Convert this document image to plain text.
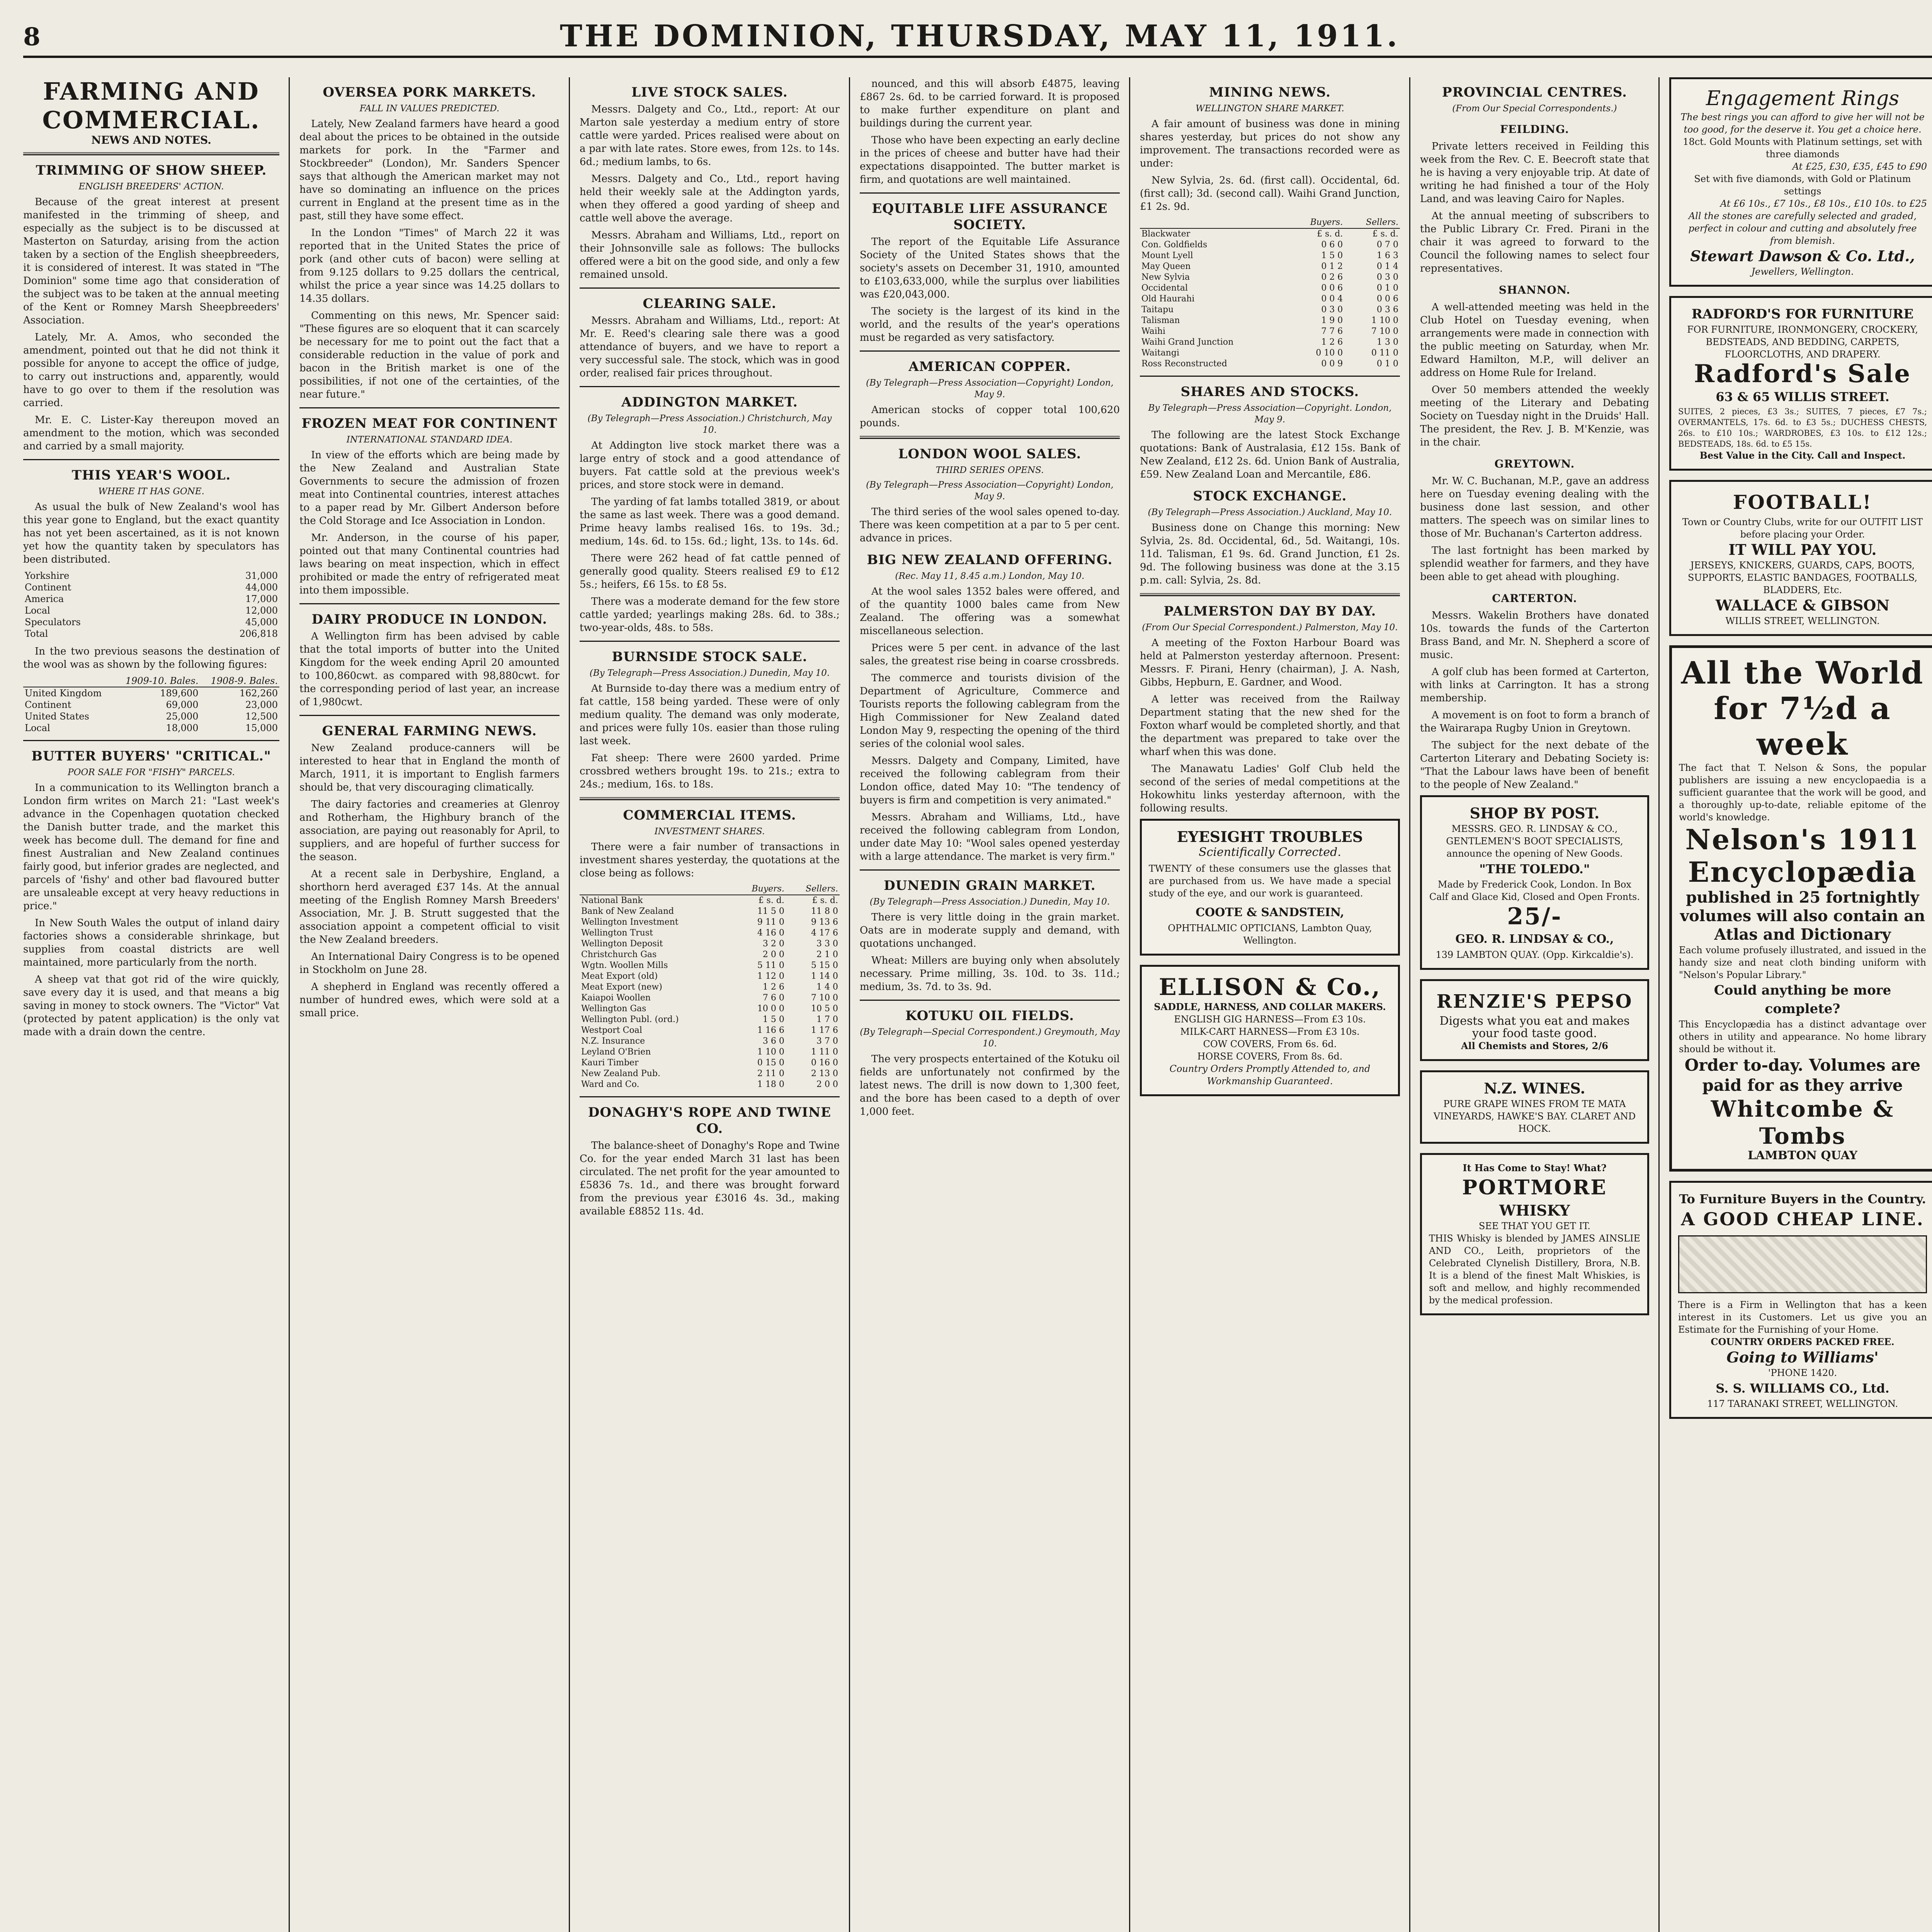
8	THE DOMINION, THURSDAY, MAY 11, 1911.
FARMING AND COMMERCIAL.
NEWS AND NOTES.
TRIMMING OF SHOW SHEEP.
ENGLISH BREEDERS' ACTION.

Because of the great interest at present manifested in the trimming of sheep, and especially as the subject is to be discussed at Masterton on Saturday, arising from the action taken by a section of the English sheepbreeders, it is considered of interest. It was stated in "The Dominion" some time ago that consideration of the subject was to be taken at the annual meeting of the Kent or Romney Marsh Sheepbreeders' Association.

Lately, Mr. A. Amos, who seconded the amendment, pointed out that he did not think it possible for anyone to accept the office of judge, to carry out instructions and, apparently, would have to go over to them if the resolution was carried.

Mr. E. C. Lister-Kay thereupon moved an amendment to the motion, which was seconded and carried by a small majority.

THIS YEAR'S WOOL.
WHERE IT HAS GONE.

As usual the bulk of New Zealand's wool has this year gone to England, but the exact quantity has not yet been ascertained, as it is not known yet how the quantity taken by speculators has been distributed.

Yorkshire	31,000
Continent	44,000
America	17,000
Local	12,000
Speculators	45,000
Total	206,818

In the two previous seasons the destination of the wool was as shown by the following figures:

	1909-10. Bales.	1908-9. Bales.
United Kingdom	189,600	162,260
Continent	69,000	23,000
United States	25,000	12,500
Local	18,000	15,000
BUTTER BUYERS' "CRITICAL."
POOR SALE FOR "FISHY" PARCELS.

In a communication to its Wellington branch a London firm writes on March 21: "Last week's advance in the Copenhagen quotation checked the Danish butter trade, and the market this week has become dull. The demand for fine and finest Australian and New Zealand continues fairly good, but inferior grades are neglected, and parcels of 'fishy' and other bad flavoured butter are unsaleable except at very heavy reductions in price."

In New South Wales the output of inland dairy factories shows a considerable shrinkage, but supplies from coastal districts are well maintained, more particularly from the north.

A sheep vat that got rid of the wire quickly, save every day it is used, and that means a big saving in money to stock owners. The "Victor" Vat (protected by patent application) is the only vat made with a drain down the centre.

OVERSEA PORK MARKETS.
FALL IN VALUES PREDICTED.

Lately, New Zealand farmers have heard a good deal about the prices to be obtained in the outside markets for pork. In the "Farmer and Stockbreeder" (London), Mr. Sanders Spencer says that although the American market may not have so dominating an influence on the prices current in England at the present time as in the past, still they have some effect.

In the London "Times" of March 22 it was reported that in the United States the price of pork (and other cuts of bacon) were selling at from 9.125 dollars to 9.25 dollars the centrical, whilst the price a year since was 14.25 dollars to 14.35 dollars.

Commenting on this news, Mr. Spencer said: "These figures are so eloquent that it can scarcely be necessary for me to point out the fact that a considerable reduction in the value of pork and bacon in the British market is one of the possibilities, if not one of the certainties, of the near future."

FROZEN MEAT FOR CONTINENT
INTERNATIONAL STANDARD IDEA.

In view of the efforts which are being made by the New Zealand and Australian State Governments to secure the admission of frozen meat into Continental countries, interest attaches to a paper read by Mr. Gilbert Anderson before the Cold Storage and Ice Association in London.

Mr. Anderson, in the course of his paper, pointed out that many Continental countries had laws bearing on meat inspection, which in effect prohibited or made the entry of refrigerated meat into them impossible.

DAIRY PRODUCE IN LONDON.

A Wellington firm has been advised by cable that the total imports of butter into the United Kingdom for the week ending April 20 amounted to 100,860cwt. as compared with 98,880cwt. for the corresponding period of last year, an increase of 1,980cwt.

GENERAL FARMING NEWS.

New Zealand produce-canners will be interested to hear that in England the month of March, 1911, it is important to English farmers should be, that very discouraging climatically.

The dairy factories and creameries at Glenroy and Rotherham, the Highbury branch of the association, are paying out reasonably for April, to suppliers, and are hopeful of further success for the season.

At a recent sale in Derbyshire, England, a shorthorn herd averaged £37 14s. At the annual meeting of the English Romney Marsh Breeders' Association, Mr. J. B. Strutt suggested that the association appoint a competent official to visit the New Zealand breeders.

An International Dairy Congress is to be opened in Stockholm on June 28.

A shepherd in England was recently offered a number of hundred ewes, which were sold at a small price.

LIVE STOCK SALES.

Messrs. Dalgety and Co., Ltd., report: At our Marton sale yesterday a medium entry of store cattle were yarded. Prices realised were about on a par with late rates. Store ewes, from 12s. to 14s. 6d.; medium lambs, to 6s.

Messrs. Dalgety and Co., Ltd., report having held their weekly sale at the Addington yards, when they offered a good yarding of sheep and cattle well above the average.

Messrs. Abraham and Williams, Ltd., report on their Johnsonville sale as follows: The bullocks offered were a bit on the good side, and only a few remained unsold.

CLEARING SALE.

Messrs. Abraham and Williams, Ltd., report: At Mr. E. Reed's clearing sale there was a good attendance of buyers, and we have to report a very successful sale. The stock, which was in good order, realised fair prices throughout.

ADDINGTON MARKET.
(By Telegraph—Press Association.) Christchurch, May 10.

At Addington live stock market there was a large entry of stock and a good attendance of buyers. Fat cattle sold at the previous week's prices, and store stock were in demand.

The yarding of fat lambs totalled 3819, or about the same as last week. There was a good demand. Prime heavy lambs realised 16s. to 19s. 3d.; medium, 14s. 6d. to 15s. 6d.; light, 13s. to 14s. 6d.

There were 262 head of fat cattle penned of generally good quality. Steers realised £9 to £12 5s.; heifers, £6 15s. to £8 5s.

There was a moderate demand for the few store cattle yarded; yearlings making 28s. 6d. to 38s.; two-year-olds, 48s. to 58s.

BURNSIDE STOCK SALE.
(By Telegraph—Press Association.) Dunedin, May 10.

At Burnside to-day there was a medium entry of fat cattle, 158 being yarded. These were of only medium quality. The demand was only moderate, and prices were fully 10s. easier than those ruling last week.

Fat sheep: There were 2600 yarded. Prime crossbred wethers brought 19s. to 21s.; extra to 24s.; medium, 16s. to 18s.

COMMERCIAL ITEMS.
INVESTMENT SHARES.

There were a fair number of transactions in investment shares yesterday, the quotations at the close being as follows:

	Buyers.	Sellers.
National Bank	£ s. d.	£ s. d.
Bank of New Zealand	11 5 0	11 8 0
Wellington Investment	9 11 0	9 13 6
Wellington Trust	4 16 0	4 17 6
Wellington Deposit	3 2 0	3 3 0
Christchurch Gas	2 0 0	2 1 0
Wgtn. Woollen Mills	5 11 0	5 15 0
Meat Export (old)	1 12 0	1 14 0
Meat Export (new)	1 2 6	1 4 0
Kaiapoi Woollen	7 6 0	7 10 0
Wellington Gas	10 0 0	10 5 0
Wellington Publ. (ord.)	1 5 0	1 7 0
Westport Coal	1 16 6	1 17 6
N.Z. Insurance	3 6 0	3 7 0
Leyland O'Brien	1 10 0	1 11 0
Kauri Timber	0 15 0	0 16 0
New Zealand Pub.	2 11 0	2 13 0
Ward and Co.	1 18 0	2 0 0
DONAGHY'S ROPE AND TWINE CO.

The balance-sheet of Donaghy's Rope and Twine Co. for the year ended March 31 last has been circulated. The net profit for the year amounted to £5836 7s. 1d., and there was brought forward from the previous year £3016 4s. 3d., making available £8852 11s. 4d.

nounced, and this will absorb £4875, leaving £867 2s. 6d. to be carried forward. It is proposed to make further expenditure on plant and buildings during the current year.

Those who have been expecting an early decline in the prices of cheese and butter have had their expectations disappointed. The butter market is firm, and quotations are well maintained.

EQUITABLE LIFE ASSURANCE SOCIETY.

The report of the Equitable Life Assurance Society of the United States shows that the society's assets on December 31, 1910, amounted to £103,633,000, while the surplus over liabilities was £20,043,000.

The society is the largest of its kind in the world, and the results of the year's operations must be regarded as very satisfactory.

AMERICAN COPPER.
(By Telegraph—Press Association—Copyright) London, May 9.

American stocks of copper total 100,620 pounds.

LONDON WOOL SALES.
THIRD SERIES OPENS.
(By Telegraph—Press Association—Copyright) London, May 9.

The third series of the wool sales opened to-day. There was keen competition at a par to 5 per cent. advance in prices.

BIG NEW ZEALAND OFFERING.
(Rec. May 11, 8.45 a.m.) London, May 10.

At the wool sales 1352 bales were offered, and of the quantity 1000 bales came from New Zealand. The offering was a somewhat miscellaneous selection.

Prices were 5 per cent. in advance of the last sales, the greatest rise being in coarse crossbreds.

The commerce and tourists division of the Department of Agriculture, Commerce and Tourists reports the following cablegram from the High Commissioner for New Zealand dated London May 9, respecting the opening of the third series of the colonial wool sales.

Messrs. Dalgety and Company, Limited, have received the following cablegram from their London office, dated May 10: "The tendency of buyers is firm and competition is very animated."

Messrs. Abraham and Williams, Ltd., have received the following cablegram from London, under date May 10: "Wool sales opened yesterday with a large attendance. The market is very firm."

DUNEDIN GRAIN MARKET.
(By Telegraph—Press Association.) Dunedin, May 10.

There is very little doing in the grain market. Oats are in moderate supply and demand, with quotations unchanged.

Wheat: Millers are buying only when absolutely necessary. Prime milling, 3s. 10d. to 3s. 11d.; medium, 3s. 7d. to 3s. 9d.

KOTUKU OIL FIELDS.
(By Telegraph—Special Correspondent.) Greymouth, May 10.

The very prospects entertained of the Kotuku oil fields are unfortunately not confirmed by the latest news. The drill is now down to 1,300 feet, and the bore has been cased to a depth of over 1,000 feet.

MINING NEWS.
WELLINGTON SHARE MARKET.

A fair amount of business was done in mining shares yesterday, but prices do not show any improvement. The transactions recorded were as under:

New Sylvia, 2s. 6d. (first call). Occidental, 6d. (first call); 3d. (second call). Waihi Grand Junction, £1 2s. 9d.

	Buyers.	Sellers.
Blackwater	£ s. d.	£ s. d.
Con. Goldfields	0 6 0	0 7 0
Mount Lyell	1 5 0	1 6 3
May Queen	0 1 2	0 1 4
New Sylvia	0 2 6	0 3 0
Occidental	0 0 6	0 1 0
Old Haurahi	0 0 4	0 0 6
Taitapu	0 3 0	0 3 6
Talisman	1 9 0	1 10 0
Waihi	7 7 6	7 10 0
Waihi Grand Junction	1 2 6	1 3 0
Waitangi	0 10 0	0 11 0
Ross Reconstructed	0 0 9	0 1 0
SHARES AND STOCKS.
By Telegraph—Press Association—Copyright. London, May 9.

The following are the latest Stock Exchange quotations: Bank of Australasia, £12 15s. Bank of New Zealand, £12 2s. 6d. Union Bank of Australia, £59. New Zealand Loan and Mercantile, £86.

STOCK EXCHANGE.
(By Telegraph—Press Association.) Auckland, May 10.

Business done on Change this morning: New Sylvia, 2s. 8d. Occidental, 6d., 5d. Waitangi, 10s. 11d. Talisman, £1 9s. 6d. Grand Junction, £1 2s. 9d. The following business was done at the 3.15 p.m. call: Sylvia, 2s. 8d.

PALMERSTON DAY BY DAY.
(From Our Special Correspondent.) Palmerston, May 10.

A meeting of the Foxton Harbour Board was held at Palmerston yesterday afternoon. Present: Messrs. F. Pirani, Henry (chairman), J. A. Nash, Gibbs, Hepburn, E. Gardner, and Wood.

A letter was received from the Railway Department stating that the new shed for the Foxton wharf would be completed shortly, and that the department was prepared to take over the wharf when this was done.

The Manawatu Ladies' Golf Club held the second of the series of medal competitions at the Hokowhitu links yesterday afternoon, with the following results.

EYESIGHT TROUBLES
Scientifically Corrected.
TWENTY of these consumers use the glasses that are purchased from us. We have made a special study of the eye, and our work is guaranteed.
COOTE & SANDSTEIN,
OPHTHALMIC OPTICIANS, Lambton Quay, Wellington.
ELLISON & Co.,
SADDLE, HARNESS, AND COLLAR MAKERS.
ENGLISH GIG HARNESS—From £3 10s.
MILK-CART HARNESS—From £3 10s.
COW COVERS, From 6s. 6d.
HORSE COVERS, From 8s. 6d.
Country Orders Promptly Attended to, and Workmanship Guaranteed.
PROVINCIAL CENTRES.
(From Our Special Correspondents.)
FEILDING.

Private letters received in Feilding this week from the Rev. C. E. Beecroft state that he is having a very enjoyable trip. At date of writing he had finished a tour of the Holy Land, and was leaving Cairo for Naples.

At the annual meeting of subscribers to the Public Library Cr. Fred. Pirani in the chair it was agreed to forward to the Council the following names to select four representatives.

SHANNON.

A well-attended meeting was held in the Club Hotel on Tuesday evening, when arrangements were made in connection with the public meeting on Saturday, when Mr. Edward Hamilton, M.P., will deliver an address on Home Rule for Ireland.

Over 50 members attended the weekly meeting of the Literary and Debating Society on Tuesday night in the Druids' Hall. The president, the Rev. J. B. M'Kenzie, was in the chair.

GREYTOWN.

Mr. W. C. Buchanan, M.P., gave an address here on Tuesday evening dealing with the business done last session, and other matters. The speech was on similar lines to those of Mr. Buchanan's Carterton address.

The last fortnight has been marked by splendid weather for farmers, and they have been able to get ahead with ploughing.

CARTERTON.

Messrs. Wakelin Brothers have donated 10s. towards the funds of the Carterton Brass Band, and Mr. N. Shepherd a score of music.

A golf club has been formed at Carterton, with links at Carrington. It has a strong membership.

A movement is on foot to form a branch of the Wairarapa Rugby Union in Greytown.

The subject for the next debate of the Carterton Literary and Debating Society is: "That the Labour laws have been of benefit to the people of New Zealand."

SHOP BY POST.
MESSRS. GEO. R. LINDSAY & CO., GENTLEMEN'S BOOT SPECIALISTS, announce the opening of New Goods.
"THE TOLEDO."
Made by Frederick Cook, London. In Box Calf and Glace Kid, Closed and Open Fronts.
25/-
GEO. R. LINDSAY & CO.,
139 LAMBTON QUAY. (Opp. Kirkcaldie's).
RENZIE'S PEPSO
Digests what you eat and makes your food taste good.
All Chemists and Stores, 2/6
N.Z. WINES.
PURE GRAPE WINES FROM TE MATA VINEYARDS, HAWKE'S BAY. CLARET AND HOCK.
It Has Come to Stay! What?
PORTMORE
WHISKY
SEE THAT YOU GET IT.
THIS Whisky is blended by JAMES AINSLIE AND CO., Leith, proprietors of the Celebrated Clynelish Distillery, Brora, N.B. It is a blend of the finest Malt Whiskies, is soft and mellow, and highly recommended by the medical profession.
Engagement Rings
The best rings you can afford to give her will not be too good, for the deserve it. You get a choice here.
18ct. Gold Mounts with Platinum settings, set with three diamonds
At £25, £30, £35, £45 to £90
Set with five diamonds, with Gold or Platinum settings
At £6 10s., £7 10s., £8 10s., £10 10s. to £25
All the stones are carefully selected and graded, perfect in colour and cutting and absolutely free from blemish.
Stewart Dawson & Co. Ltd.,
Jewellers, Wellington.
RADFORD'S FOR FURNITURE
FOR FURNITURE, IRONMONGERY, CROCKERY, BEDSTEADS, AND BEDDING, CARPETS, FLOORCLOTHS, AND DRAPERY.
Radford's Sale
63 & 65 WILLIS STREET.
SUITES, 2 pieces, £3 3s.; SUITES, 7 pieces, £7 7s.; OVERMANTELS, 17s. 6d. to £3 5s.; DUCHESS CHESTS, 26s. to £10 10s.; WARDROBES, £3 10s. to £12 12s.; BEDSTEADS, 18s. 6d. to £5 15s.
Best Value in the City. Call and Inspect.
FOOTBALL!
Town or Country Clubs, write for our OUTFIT LIST before placing your Order.
IT WILL PAY YOU.
JERSEYS, KNICKERS, GUARDS, CAPS, BOOTS, SUPPORTS, ELASTIC BANDAGES, FOOTBALLS, BLADDERS, Etc.
WALLACE & GIBSON
WILLIS STREET, WELLINGTON.
All the World for 7½d a week
The fact that T. Nelson & Sons, the popular publishers are issuing a new encyclopaedia is a sufficient guarantee that the work will be good, and a thoroughly up-to-date, reliable epitome of the world's knowledge.
Nelson's 1911 Encyclopædia
published in 25 fortnightly volumes will also contain an Atlas and Dictionary
Each volume profusely illustrated, and issued in the handy size and neat cloth binding uniform with "Nelson's Popular Library."
Could anything be more complete?
This Encyclopædia has a distinct advantage over others in utility and appearance. No home library should be without it.
Order to-day. Volumes are paid for as they arrive
Whitcombe & Tombs
LAMBTON QUAY
To Furniture Buyers in the Country.
A GOOD CHEAP LINE.
There is a Firm in Wellington that has a keen interest in its Customers. Let us give you an Estimate for the Furnishing of your Home.
COUNTRY ORDERS PACKED FREE.
Going to Williams'
'PHONE 1420.
S. S. WILLIAMS CO., Ltd.
117 TARANAKI STREET, WELLINGTON.
